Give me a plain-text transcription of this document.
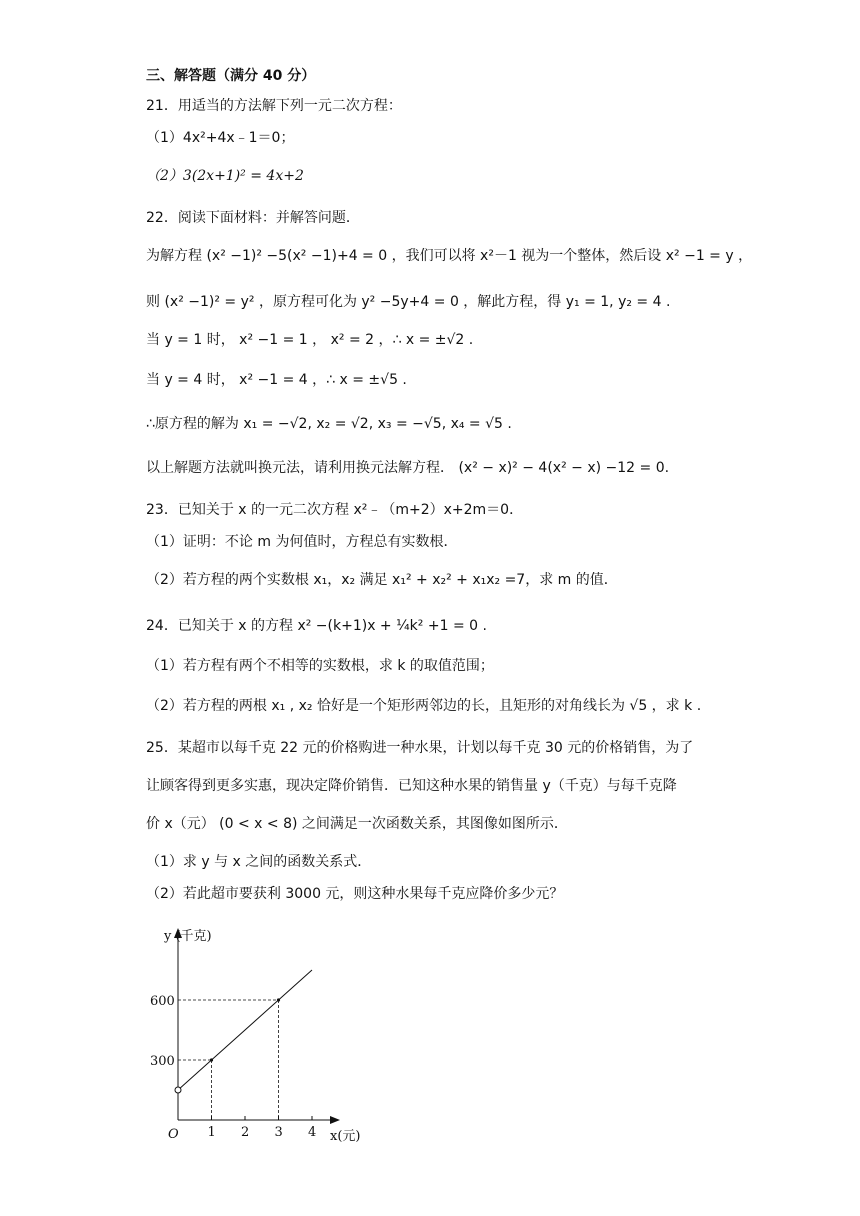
三、解答题（满分 40 分）
21．用适当的方法解下列一元二次方程：
（1）4x²+4x﹣1＝0；
（2）3(2x+1)² = 4x+2
22．阅读下面材料：并解答问题．
为解方程 (x² −1)² −5(x² −1)+4 = 0 ，我们可以将 x²－1 视为一个整体，然后设 x² −1 = y ，
则 (x² −1)² = y² ，原方程可化为 y² −5y+4 = 0 ，解此方程，得 y₁ = 1, y₂ = 4 .
当 y = 1 时， x² −1 = 1 ， x² = 2 ，∴ x = ±√2 .
当 y = 4 时， x² −1 = 4 ，∴ x = ±√5 .
∴原方程的解为 x₁ = −√2, x₂ = √2, x₃ = −√5, x₄ = √5 .
以上解题方法就叫换元法，请利用换元法解方程． (x² − x)² − 4(x² − x) −12 = 0.
23．已知关于 x 的一元二次方程 x²﹣（m+2）x+2m＝0．
（1）证明：不论 m 为何值时，方程总有实数根．
（2）若方程的两个实数根 x₁，x₂ 满足 x₁² + x₂² + x₁x₂ =7，求 m 的值．
24．已知关于 x 的方程 x² −(k+1)x + ¼k² +1 = 0 .
（1）若方程有两个不相等的实数根，求 k 的取值范围；
（2）若方程的两根 x₁ , x₂ 恰好是一个矩形两邻边的长，且矩形的对角线长为 √5 ，求 k .
25．某超市以每千克 22 元的价格购进一种水果，计划以每千克 30 元的价格销售，为了
让顾客得到更多实惠，现决定降价销售．已知这种水果的销售量 y（千克）与每千克降
价 x（元） (0 < x < 8) 之间满足一次函数关系，其图像如图所示．
（1）求 y 与 x 之间的函数关系式．
（2）若此超市要获利 3000 元，则这种水果每千克应降价多少元？
y (千克)
x(元)
O 1 2 3 4
300
600
